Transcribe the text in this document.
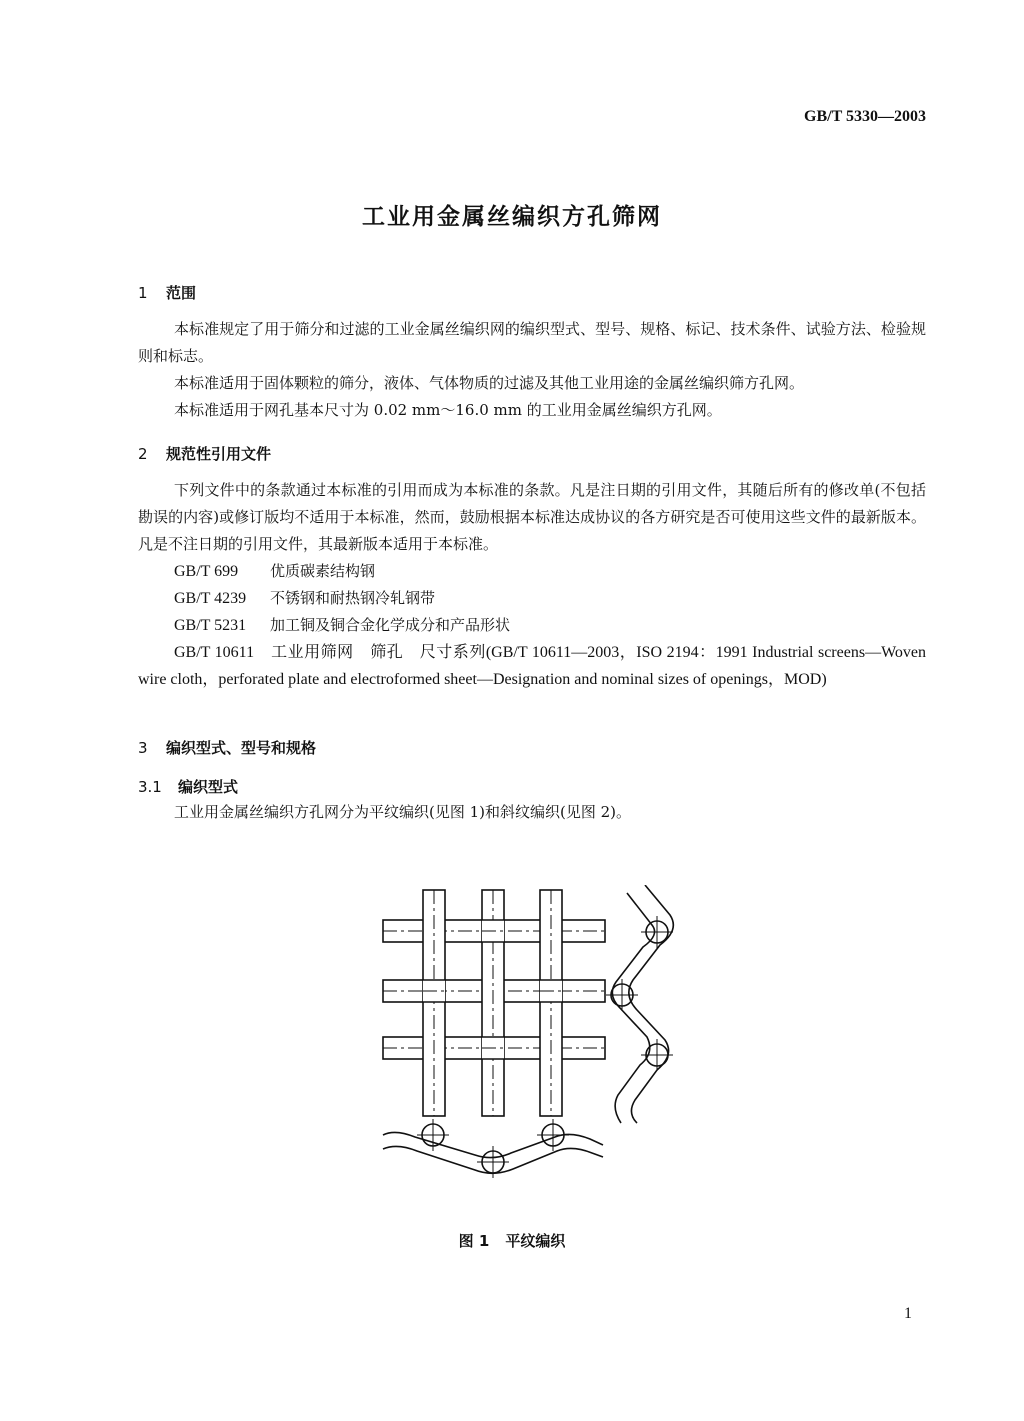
GB/T 5330—2003
工业用金属丝编织方孔筛网
1 范围
本标准规定了用于筛分和过滤的工业金属丝编织网的编织型式、型号、规格、标记、技术条件、试验方法、检验规则和标志。
本标准适用于固体颗粒的筛分，液体、气体物质的过滤及其他工业用途的金属丝编织筛方孔网。
本标准适用于网孔基本尺寸为 0.02 mm～16.0 mm 的工业用金属丝编织方孔网。
2 规范性引用文件
下列文件中的条款通过本标准的引用而成为本标准的条款。凡是注日期的引用文件，其随后所有的修改单(不包括勘误的内容)或修订版均不适用于本标准，然而，鼓励根据本标准达成协议的各方研究是否可使用这些文件的最新版本。凡是不注日期的引用文件，其最新版本适用于本标准。
GB/T 699 优质碳素结构钢
GB/T 4239 不锈钢和耐热钢冷轧钢带
GB/T 5231 加工铜及铜合金化学成分和产品形状
GB/T 10611　工业用筛网　筛孔　尺寸系列(GB/T 10611—2003，ISO 2194：1991 Industrial screens—Woven wire cloth，perforated plate and electroformed sheet—Designation and nominal sizes of openings，MOD)
3 编织型式、型号和规格
3.1 编织型式
工业用金属丝编织方孔网分为平纹编织(见图 1)和斜纹编织(见图 2)。
图 1 平纹编织
1
